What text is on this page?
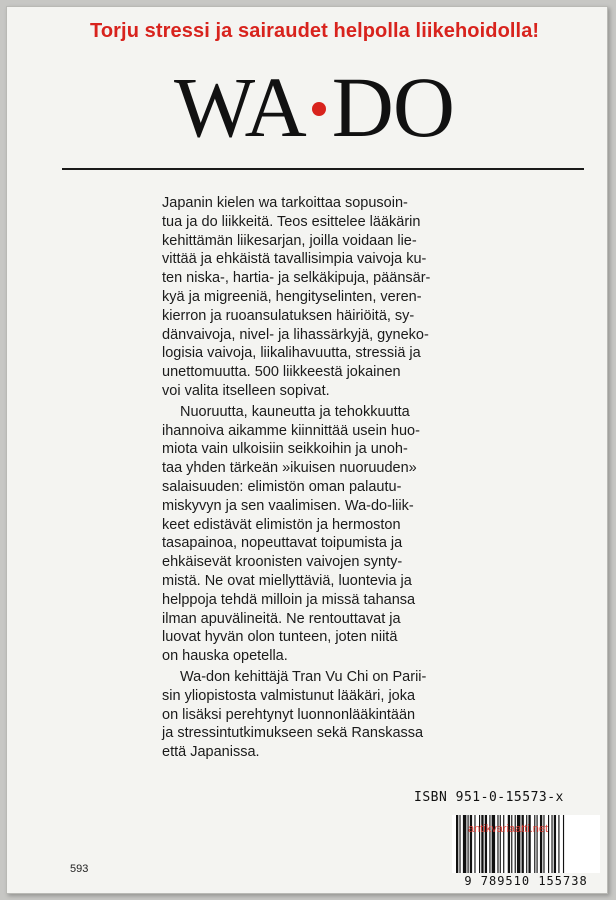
Torju stressi ja sairaudet helpolla liikehoidolla!
WA DO
Japanin kielen wa tarkoittaa sopusoin-
tua ja do liikkeitä. Teos esittelee lääkärin
kehittämän liikesarjan, joilla voidaan lie-
vittää ja ehkäistä tavallisimpia vaivoja ku-
ten niska-, hartia- ja selkäkipuja, päänsär-
kyä ja migreeniä, hengityselinten, veren-
kierron ja ruoansulatuksen häiriöitä, sy-
dänvaivoja, nivel- ja lihassärkyjä, gyneko-
logisia vaivoja, liikalihavuutta, stressiä ja
unettomuutta. 500 liikkeestä jokainen
voi valita itselleen sopivat.
Nuoruutta, kauneutta ja tehokkuutta
ihannoiva aikamme kiinnittää usein huo-
miota vain ulkoisiin seikkoihin ja unoh-
taa yhden tärkeän »ikuisen nuoruuden»
salaisuuden: elimistön oman palautu-
miskyvyn ja sen vaalimisen. Wa-do-liik-
keet edistävät elimistön ja hermoston
tasapainoa, nopeuttavat toipumista ja
ehkäisevät kroonisten vaivojen synty-
mistä. Ne ovat miellyttäviä, luontevia ja
helppoja tehdä milloin ja missä tahansa
ilman apuvälineitä. Ne rentouttavat ja
luovat hyvän olon tunteen, joten niitä
on hauska opetella.
Wa-don kehittäjä Tran Vu Chi on Parii-
sin yliopistosta valmistunut lääkäri, joka
on lisäksi perehtynyt luonnonlääkintään
ja stressintutkimukseen sekä Ranskassa
että Japanissa.
ISBN 951-0-15573-x
antikvariaatti.net
9 789510 155738
593
